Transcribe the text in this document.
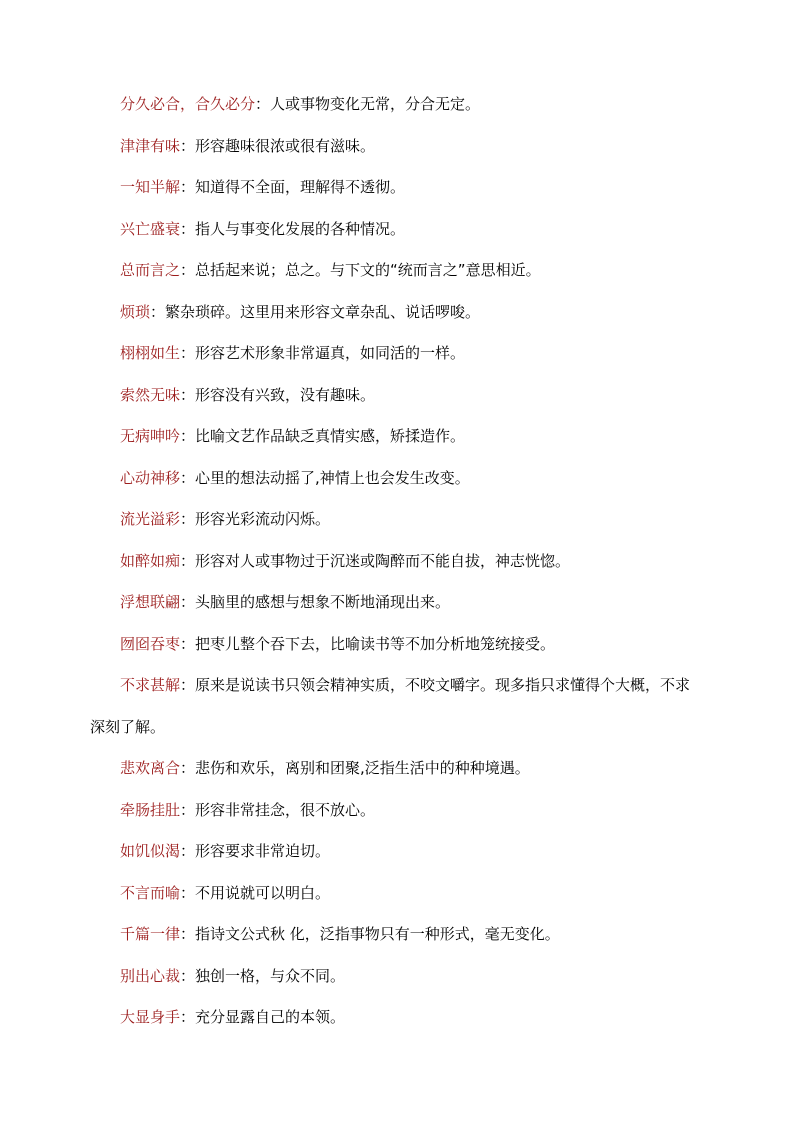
分久必合，合久必分：人或事物变化无常，分合无定。

津津有味：形容趣味很浓或很有滋味。

一知半解：知道得不全面，理解得不透彻。

兴亡盛衰：指人与事变化发展的各种情况。

总而言之：总括起来说；总之。与下文的“统而言之”意思相近。

烦琐：繁杂琐碎。这里用来形容文章杂乱、说话啰唆。

栩栩如生：形容艺术形象非常逼真，如同活的一样。

索然无味：形容没有兴致，没有趣味。

无病呻吟：比喻文艺作品缺乏真情实感，矫揉造作。

心动神移：心里的想法动摇了,神情上也会发生改变。

流光溢彩：形容光彩流动闪烁。

如醉如痴：形容对人或事物过于沉迷或陶醉而不能自拔，神志恍惚。

浮想联翩：头脑里的感想与想象不断地涌现出来。

囫囵吞枣：把枣儿整个吞下去，比喻读书等不加分析地笼统接受。

不求甚解：原来是说读书只领会精神实质，不咬文嚼字。现多指只求懂得个大概，不求深刻了解。

悲欢离合：悲伤和欢乐，离别和团聚,泛指生活中的种种境遇。

牵肠挂肚：形容非常挂念，很不放心。

如饥似渴：形容要求非常迫切。

不言而喻：不用说就可以明白。

千篇一律：指诗文公式秋 化，泛指事物只有一种形式，毫无变化。

别出心裁：独创一格，与众不同。

大显身手：充分显露自己的本领。
